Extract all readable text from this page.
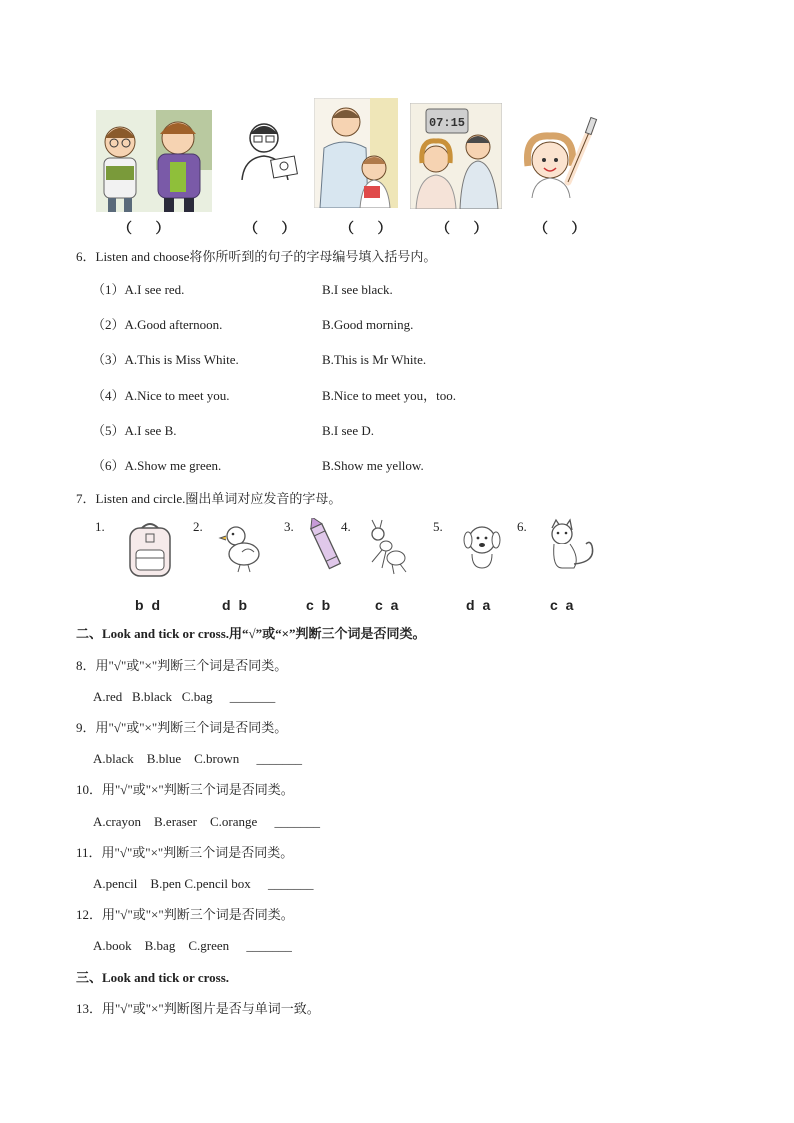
07:15
（ ）	（ ） （ ） （ ）	（ ）
6．Listen and choose将你所听到的句子的字母编号填入括号内。
（1）A.I see red.	B.I see black.
（2）A.Good afternoon.	B.Good morning.
（3）A.This is Miss White.	B.This is Mr White.
（4）A.Nice to meet you.	B.Nice to meet you，too.
（5）A.I see B.	B.I see D.
（6）A.Show me green.	B.Show me yellow.
7．Listen and circle.圈出单词对应发音的字母。
1.	2.	3.	4.	5.	6.
b d	d b	c b	c a	d a	c a
二、Look and tick or cross.用“√”或“×”判断三个词是否同类。
8．用"√"或"×"判断三个词是否同类。
A.red   B.black   C.bag _______
9．用"√"或"×"判断三个词是否同类。
A.black    B.blue    C.brown _______
10．用"√"或"×"判断三个词是否同类。
A.crayon    B.eraser    C.orange _______
11．用"√"或"×"判断三个词是否同类。
A.pencil    B.pen C.pencil box _______
12．用"√"或"×"判断三个词是否同类。
A.book    B.bag    C.green _______
三、Look and tick or cross.
13．用"√"或"×"判断图片是否与单词一致。
